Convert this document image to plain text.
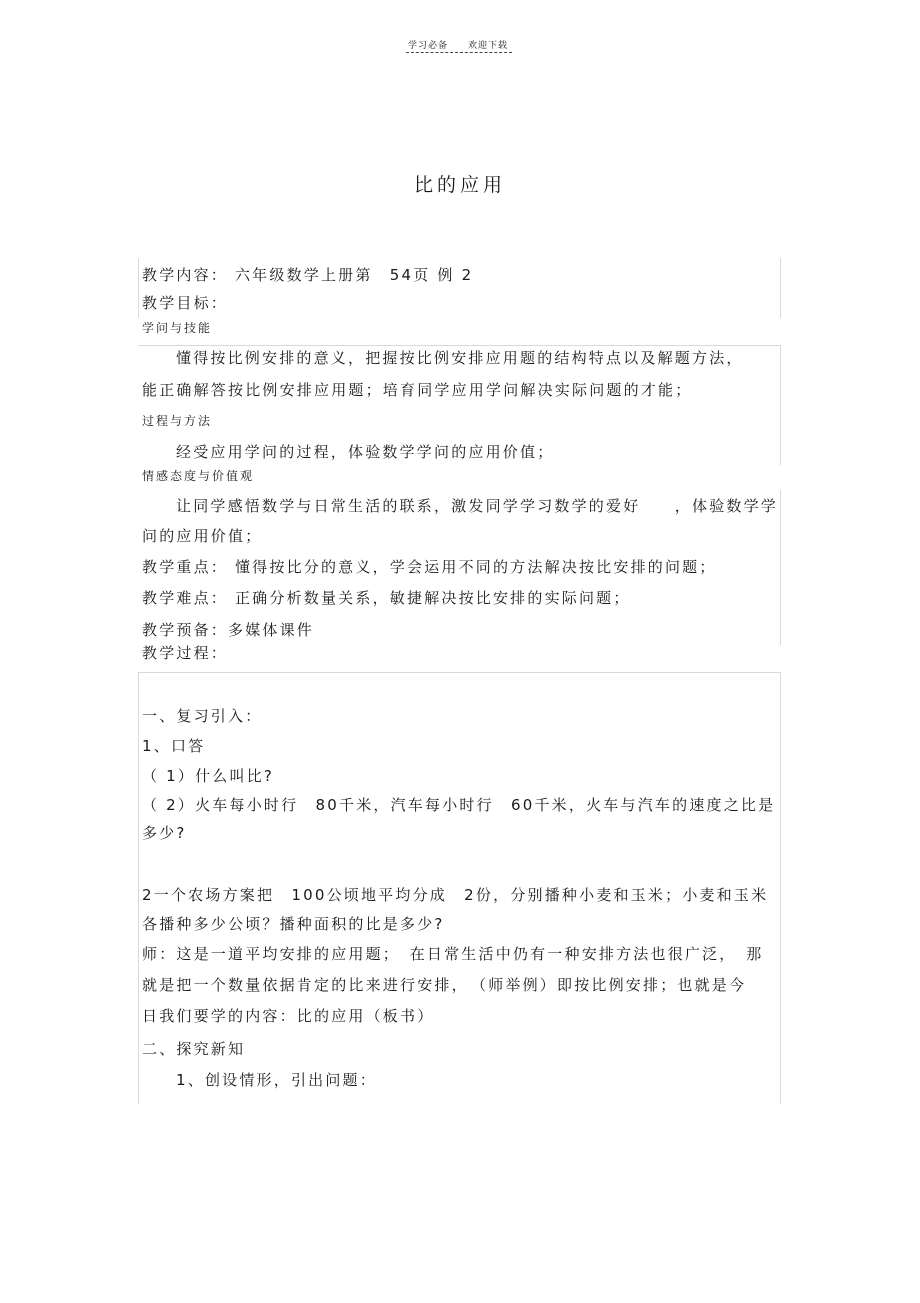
学习必备 欢迎下载
比的应用
教学内容： 六年级数学上册第　54页 例 2
教学目标：
学问与技能
懂得按比例安排的意义，把握按比例安排应用题的结构特点以及解题方法，
能正确解答按比例安排应用题；培育同学应用学问解决实际问题的才能；
过程与方法
经受应用学问的过程，体验数学学问的应用价值；
情感态度与价值观
让同学感悟数学与日常生活的联系，激发同学学习数学的爱好　　，体验数学学
问的应用价值；
教学重点： 懂得按比分的意义，学会运用不同的方法解决按比安排的问题；
教学难点： 正确分析数量关系，敏捷解决按比安排的实际问题；
教学预备：多媒体课件
教学过程：
一、复习引入：
1、口答
（ 1）什么叫比?
（ 2）火车每小时行　80千米，汽车每小时行　60千米，火车与汽车的速度之比是
多少?
2一个农场方案把　100公顷地平均分成　2份，分别播种小麦和玉米；小麦和玉米
各播种多少公顷？播种面积的比是多少?
师：这是一道平均安排的应用题；　在日常生活中仍有一种安排方法也很广泛，　那
就是把一个数量依据肯定的比来进行安排，　（师举例）即按比例安排；也就是今
日我们要学的内容：比的应用（板书）
二、探究新知
1、创设情形，引出问题：
